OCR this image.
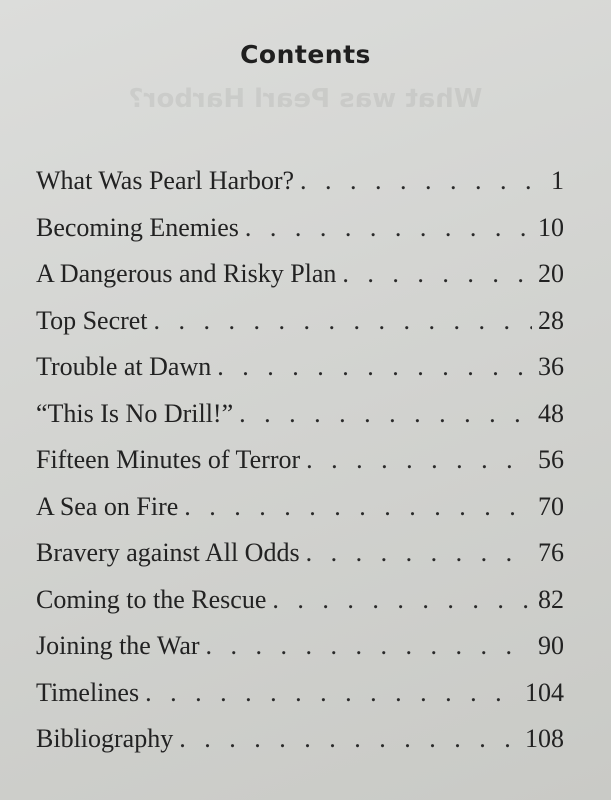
What was Pearl Harbor?
Contents
What Was Pearl Harbor? . . .	1
Becoming Enemies . . .	10
A Dangerous and Risky Plan . . .	20
Top Secret . . .	28
Trouble at Dawn . . .	36
“This Is No Drill!” . . .	48
Fifteen Minutes of Terror . . .	56
A Sea on Fire . . .	70
Bravery against All Odds . . .	76
Coming to the Rescue . . .	82
Joining the War . . .	90
Timelines . . .	104
Bibliography . . .	108
